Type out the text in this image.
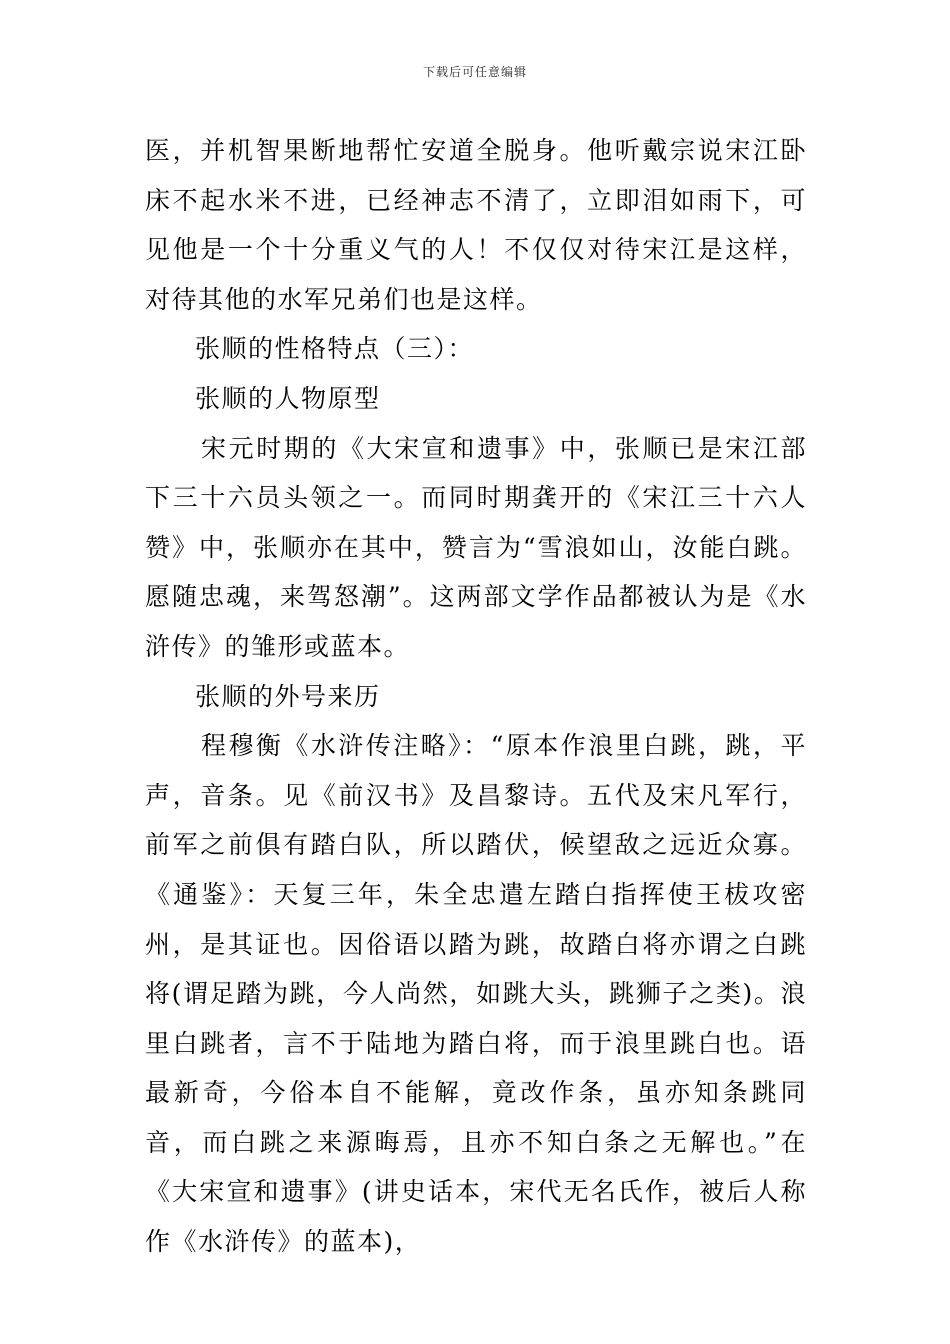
下载后可任意编辑

医，并机智果断地帮忙安道全脱身。他听戴宗说宋江卧床不起水米不进，已经神志不清了，立即泪如雨下，可见他是一个十分重义气的人！不仅仅对待宋江是这样，对待其他的水军兄弟们也是这样。

张顺的性格特点（三）：

张顺的人物原型

宋元时期的《大宋宣和遗事》中，张顺已是宋江部下三十六员头领之一。而同时期龚开的《宋江三十六人赞》中，张顺亦在其中，赞言为“雪浪如山，汝能白跳。愿随忠魂，来驾怒潮”。这两部文学作品都被认为是《水浒传》的雏形或蓝本。

张顺的外号来历

程穆衡《水浒传注略》：“原本作浪里白跳，跳，平声，音条。见《前汉书》及昌黎诗。五代及宋凡军行，前军之前俱有踏白队，所以踏伏，候望敌之远近众寡。《通鉴》：天复三年，朱全忠遣左踏白指挥使王柭攻密州，是其证也。因俗语以踏为跳，故踏白将亦谓之白跳将(谓足踏为跳，今人尚然，如跳大头，跳狮子之类)。浪里白跳者，言不于陆地为踏白将，而于浪里跳白也。语最新奇，今俗本自不能解，竟改作条，虽亦知条跳同音，而白跳之来源晦焉，且亦不知白条之无解也。”在《大宋宣和遗事》(讲史话本，宋代无名氏作，被后人称作《水浒传》的蓝本)，
